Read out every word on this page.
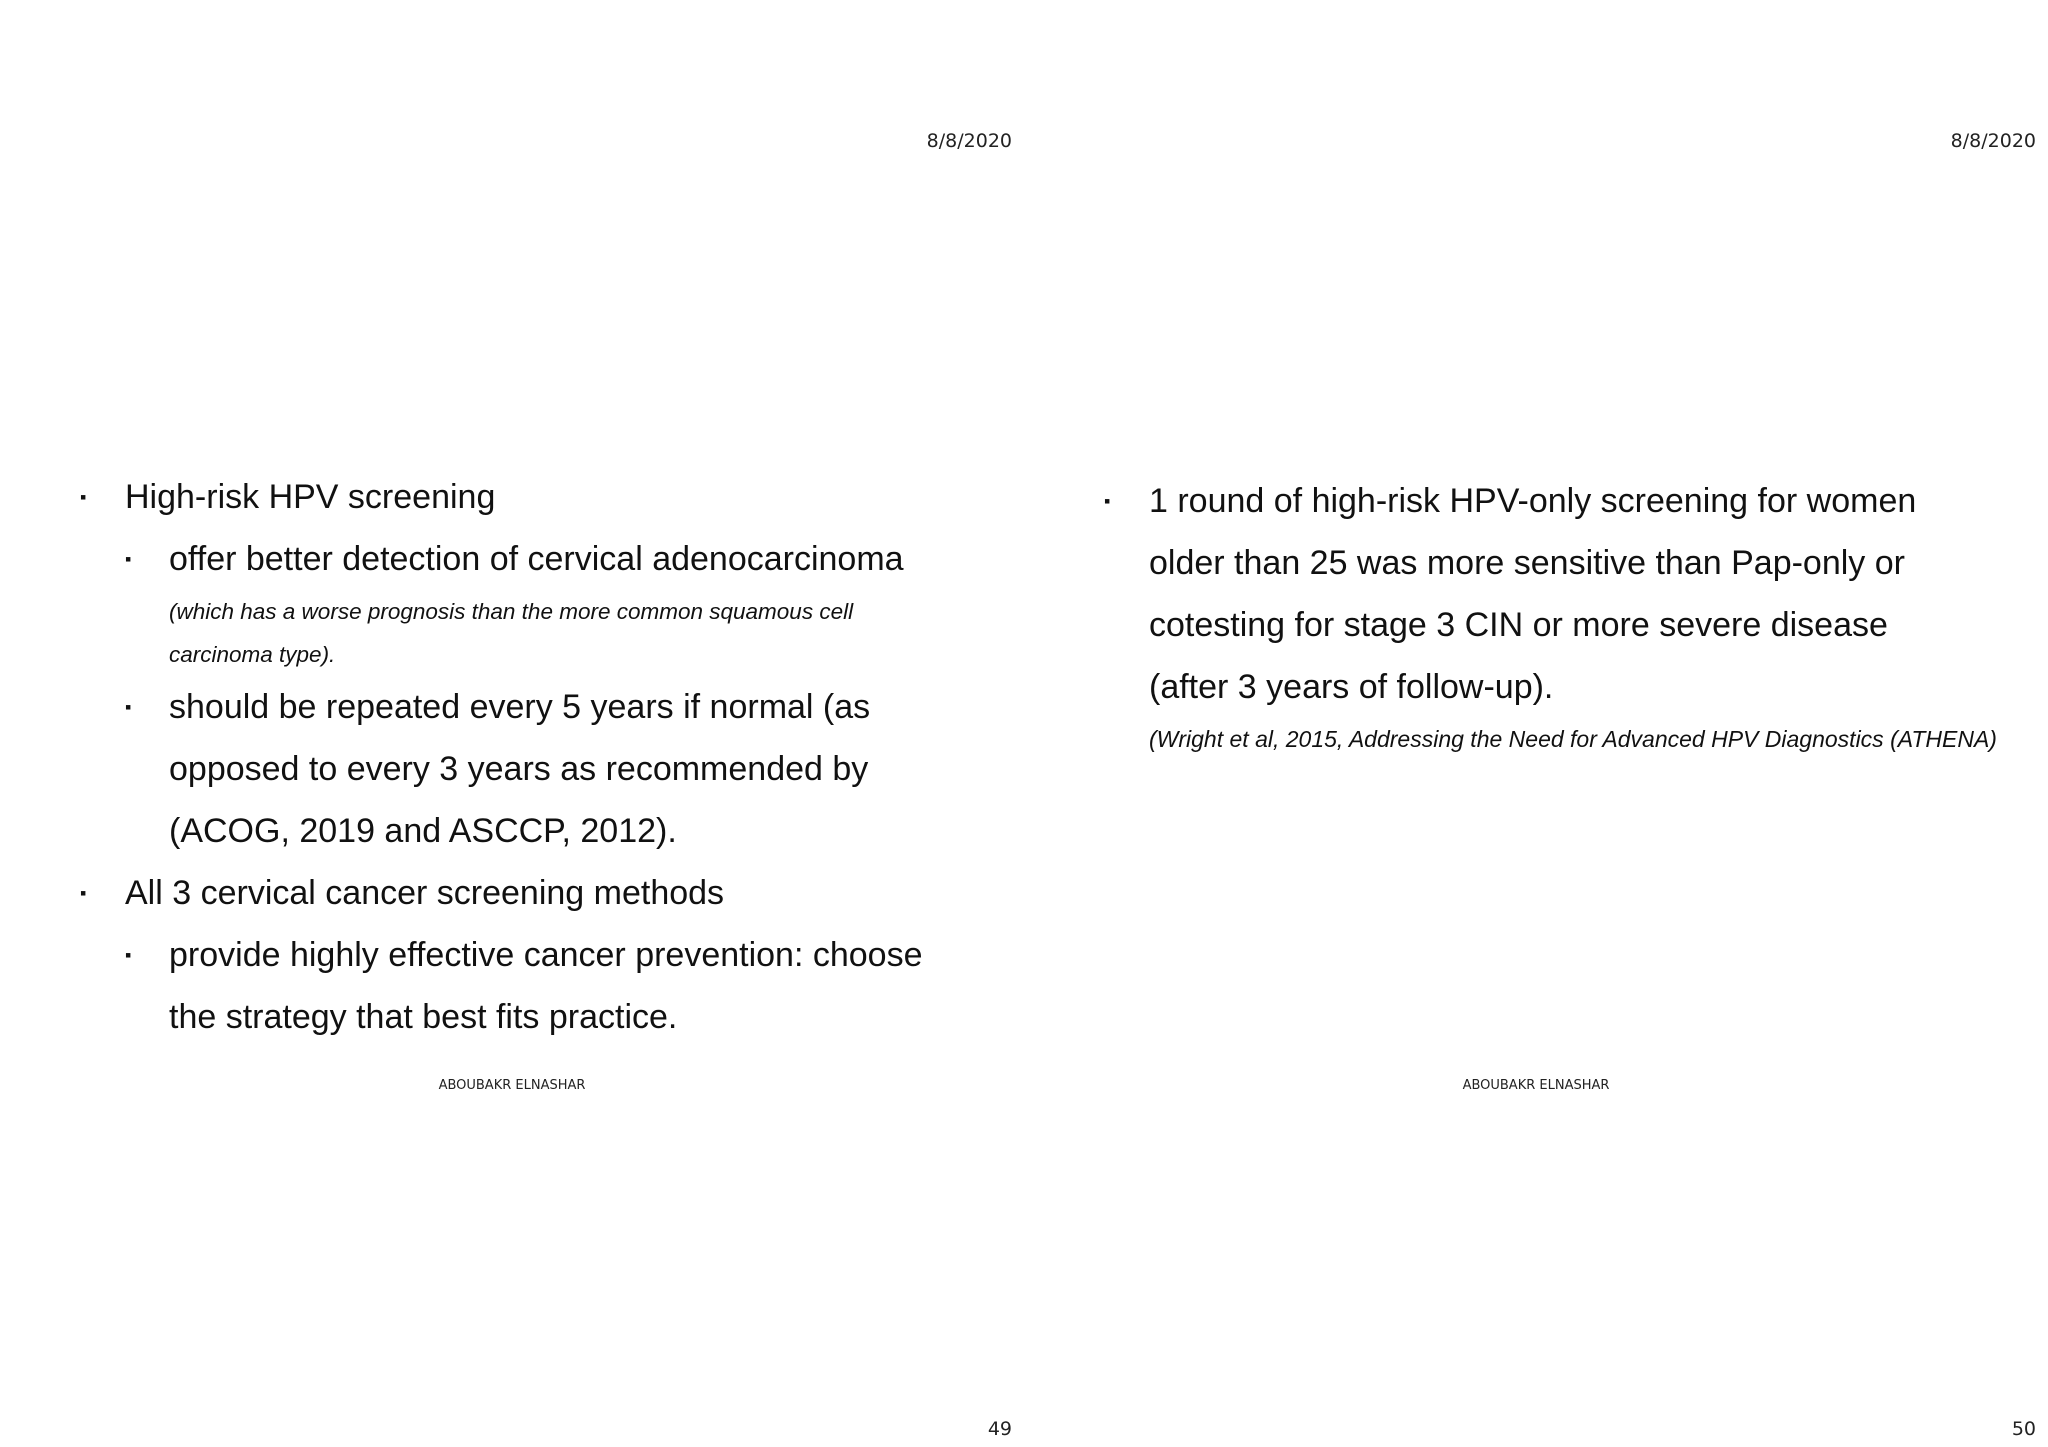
8/8/2020
▪ High-risk HPV screening
▪ offer better detection of cervical adenocarcinoma
(which has a worse prognosis than the more common squamous cell carcinoma type).
▪ should be repeated every 5 years if normal (as opposed to every 3 years as recommended by (ACOG, 2019 and ASCCP, 2012).
▪ All 3 cervical cancer screening methods
▪ provide highly effective cancer prevention: choose the strategy that best fits practice.
ABOUBAKR ELNASHAR
49
8/8/2020
▪ 1 round of high-risk HPV-only screening for women older than 25 was more sensitive than Pap-only or cotesting for stage 3 CIN or more severe disease (after 3 years of follow-up).
(Wright et al, 2015, Addressing the Need for Advanced HPV Diagnostics (ATHENA)
ABOUBAKR ELNASHAR
50
